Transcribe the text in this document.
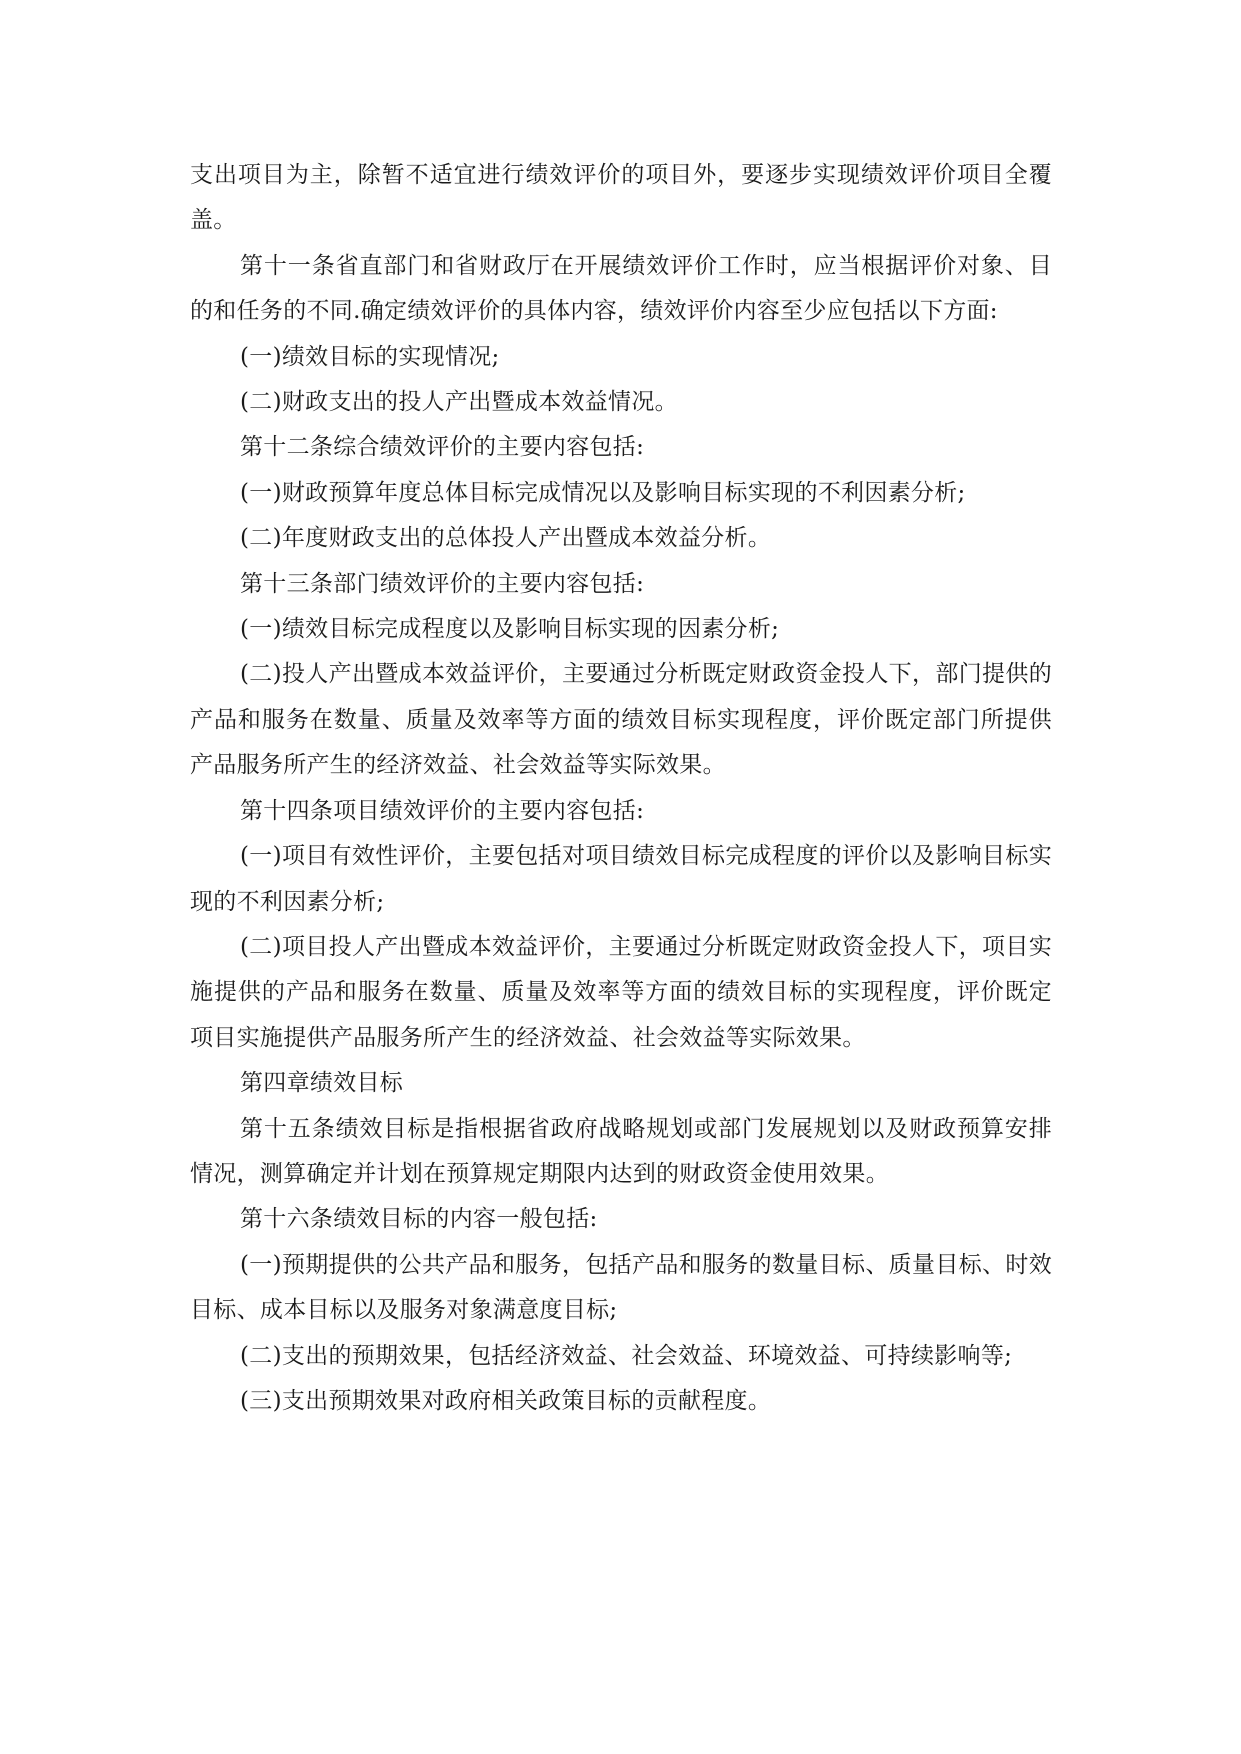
支出项目为主，除暂不适宜进行绩效评价的项目外，要逐步实现绩效评价项目全覆盖。

第十一条省直部门和省财政厅在开展绩效评价工作时，应当根据评价对象、目的和任务的不同.确定绩效评价的具体内容，绩效评价内容至少应包括以下方面:

(一)绩效目标的实现情况;

(二)财政支出的投人产出暨成本效益情况。

第十二条综合绩效评价的主要内容包括:

(一)财政预算年度总体目标完成情况以及影响目标实现的不利因素分析;

(二)年度财政支出的总体投人产出暨成本效益分析。

第十三条部门绩效评价的主要内容包括:

(一)绩效目标完成程度以及影响目标实现的因素分析;

(二)投人产出暨成本效益评价，主要通过分析既定财政资金投人下，部门提供的产品和服务在数量、质量及效率等方面的绩效目标实现程度，评价既定部门所提供产品服务所产生的经济效益、社会效益等实际效果。

第十四条项目绩效评价的主要内容包括:

(一)项目有效性评价，主要包括对项目绩效目标完成程度的评价以及影响目标实现的不利因素分析;

(二)项目投人产出暨成本效益评价，主要通过分析既定财政资金投人下，项目实施提供的产品和服务在数量、质量及效率等方面的绩效目标的实现程度，评价既定项目实施提供产品服务所产生的经济效益、社会效益等实际效果。

第四章绩效目标

第十五条绩效目标是指根据省政府战略规划或部门发展规划以及财政预算安排情况，测算确定并计划在预算规定期限内达到的财政资金使用效果。

第十六条绩效目标的内容一般包括:

(一)预期提供的公共产品和服务，包括产品和服务的数量目标、质量目标、时效目标、成本目标以及服务对象满意度目标;

(二)支出的预期效果，包括经济效益、社会效益、环境效益、可持续影响等;

(三)支出预期效果对政府相关政策目标的贡献程度。
